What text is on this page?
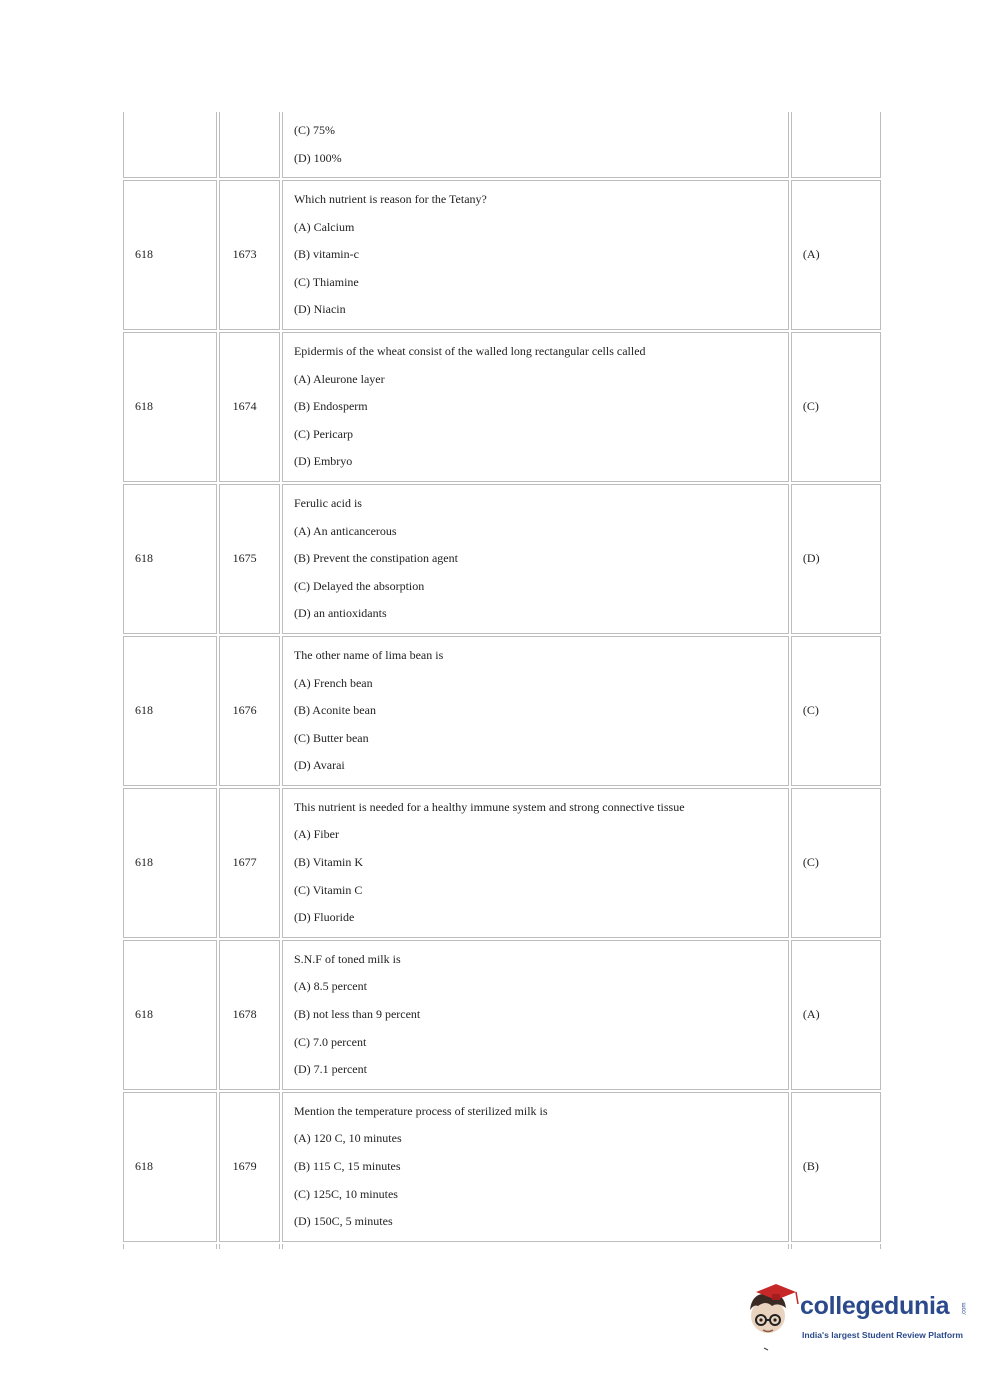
		(C) 75%
(D) 100%	

618	1673	Which nutrient is reason for the Tetany?
(A) Calcium
(B) vitamin-c
(C) Thiamine
(D) Niacin	(A)
618	1674	Epidermis of the wheat consist of the walled long rectangular cells called
(A) Aleurone layer
(B) Endosperm
(C) Pericarp
(D) Embryo	(C)
618	1675	Ferulic acid is
(A) An anticancerous
(B) Prevent the constipation agent
(C) Delayed the absorption
(D) an antioxidants	(D)
618	1676	The other name of lima bean is
(A) French bean
(B) Aconite bean
(C) Butter bean
(D) Avarai	(C)
618	1677	This nutrient is needed for a healthy immune system and strong connective tissue
(A) Fiber
(B) Vitamin K
(C) Vitamin C
(D) Fluoride	(C)
618	1678	S.N.F of toned milk is
(A) 8.5 percent
(B) not less than 9 percent
(C) 7.0 percent
(D) 7.1 percent	(A)
618	1679	Mention the temperature process of sterilized milk is
(A) 120 C, 10 minutes
(B) 115 C, 15 minutes
(C) 125C, 10 minutes
(D) 150C, 5 minutes	(B)

collegedunia .com
India's largest Student Review Platform
